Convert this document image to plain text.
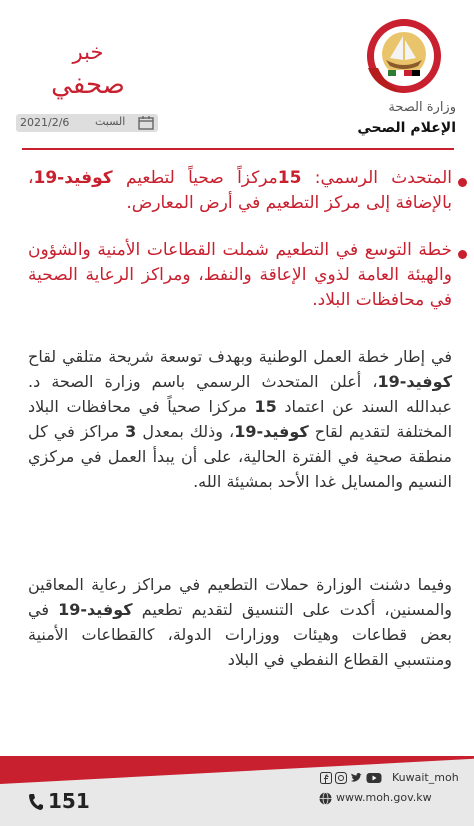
وزارة الصحة
الإعلام الصحي
خبر
صحفي
2021/2/6 السبت
المتحدث الرسمي: 15مركزاً صحياً لتطعيم كوفيد-19، بالإضافة إلى مركز التطعيم في أرض المعارض.
خطة التوسع في التطعيم شملت القطاعات الأمنية والشؤون والهيئة العامة لذوي الإعاقة والنفط، ومراكز الرعاية الصحية في محافظات البلاد.
في إطار خطة العمل الوطنية وبهدف توسعة شريحة متلقي لقاح كوفيد-19، أعلن المتحدث الرسمي باسم وزارة الصحة د. عبدالله السند عن اعتماد 15 مركزا صحياً في محافظات البلاد المختلفة لتقديم لقاح كوفيد-19، وذلك بمعدل 3 مراكز في كل منطقة صحية في الفترة الحالية، على أن يبدأ العمل في مركزي النسيم والمسايل غدا الأحد بمشيئة الله.
وفيما دشنت الوزارة حملات التطعيم في مراكز رعاية المعاقين والمسنين، أكدت على التنسيق لتقديم تطعيم كوفيد-19 في بعض قطاعات وهيئات ووزارات الدولة، كالقطاعات الأمنية ومنتسبي القطاع النفطي في البلاد
151
Kuwait_moh
www.moh.gov.kw
